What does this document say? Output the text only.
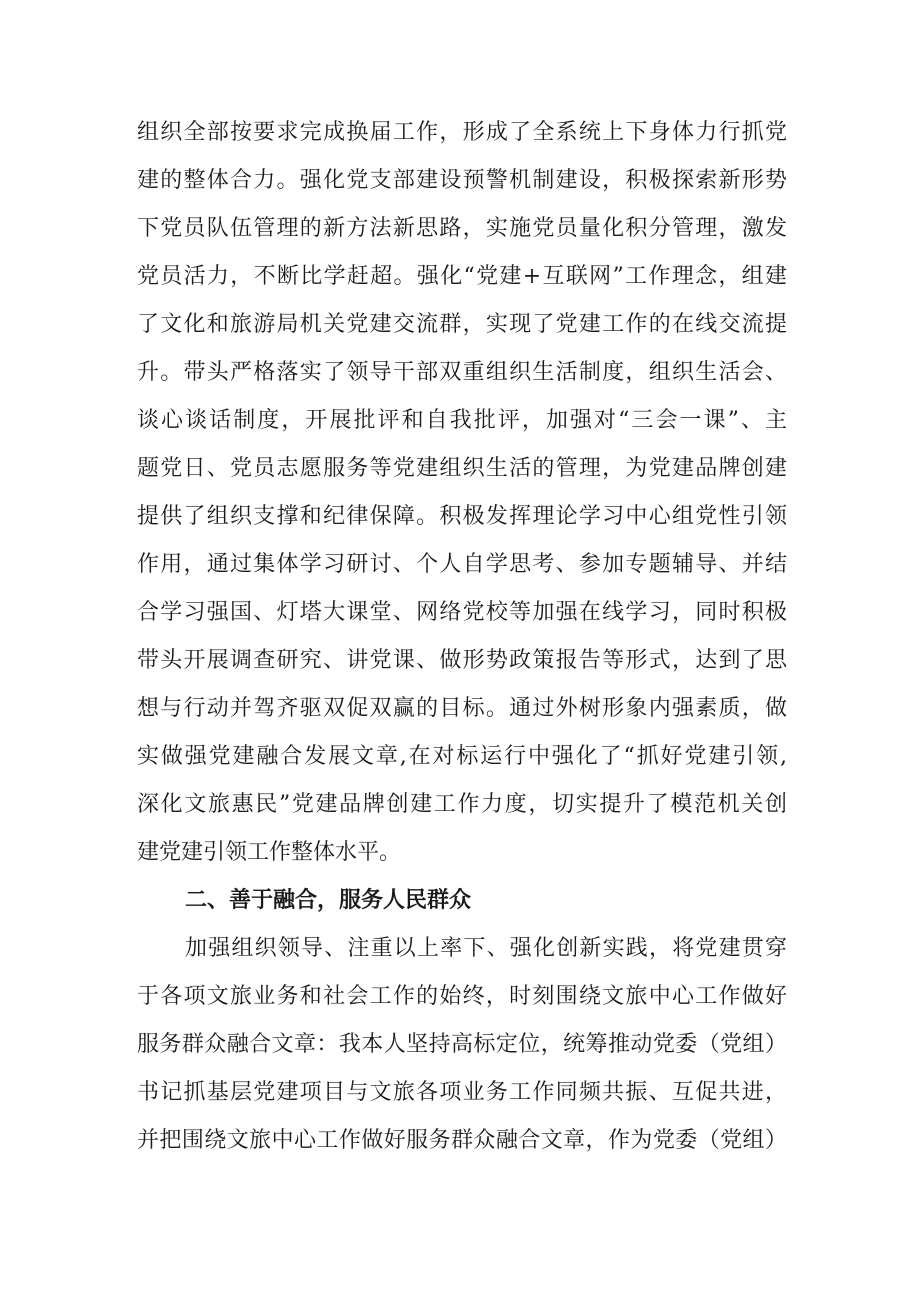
组织全部按要求完成换届工作，形成了全系统上下身体力行抓党
建的整体合力。强化党支部建设预警机制建设，积极探索新形势
下党员队伍管理的新方法新思路，实施党员量化积分管理，激发
党员活力，不断比学赶超。强化“党建+互联网”工作理念，组建
了文化和旅游局机关党建交流群，实现了党建工作的在线交流提
升。带头严格落实了领导干部双重组织生活制度，组织生活会、
谈心谈话制度，开展批评和自我批评，加强对“三会一课”、主
题党日、党员志愿服务等党建组织生活的管理，为党建品牌创建
提供了组织支撑和纪律保障。积极发挥理论学习中心组党性引领
作用，通过集体学习研讨、个人自学思考、参加专题辅导、并结
合学习强国、灯塔大课堂、网络党校等加强在线学习，同时积极
带头开展调查研究、讲党课、做形势政策报告等形式，达到了思
想与行动并驾齐驱双促双赢的目标。通过外树形象内强素质，做
实做强党建融合发展文章,在对标运行中强化了“抓好党建引领,
深化文旅惠民”党建品牌创建工作力度，切实提升了模范机关创
建党建引领工作整体水平。
二、善于融合，服务人民群众
加强组织领导、注重以上率下、强化创新实践，将党建贯穿
于各项文旅业务和社会工作的始终，时刻围绕文旅中心工作做好
服务群众融合文章：我本人坚持高标定位，统筹推动党委（党组）
书记抓基层党建项目与文旅各项业务工作同频共振、互促共进，
并把围绕文旅中心工作做好服务群众融合文章，作为党委（党组）
